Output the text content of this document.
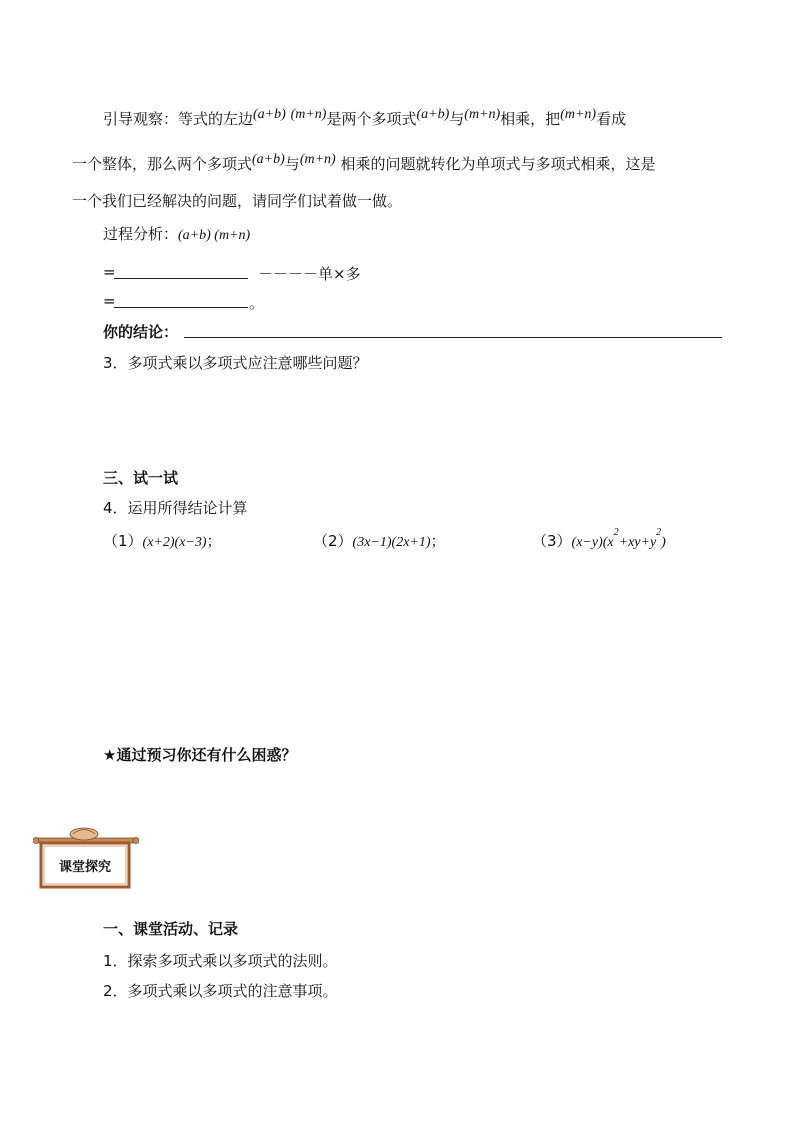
引导观察：等式的左边(a+b) (m+n)是两个多项式(a+b)与(m+n)相乘，把(m+n)看成
一个整体，那么两个多项式(a+b)与(m+n) 相乘的问题就转化为单项式与多项式相乘，这是
一个我们已经解决的问题，请同学们试着做一做。
过程分析：(a+b) (m+n)
=	－－－－单×多
=	。
你的结论：
3．多项式乘以多项式应注意哪些问题？
三、试一试
4．运用所得结论计算
（1）(x+2)(x−3)；	（2）(3x−1)(2x+1)；	$(3)(x-y)(x^2+xy+y^2)$
★通过预习你还有什么困惑？
课堂探究
一、课堂活动、记录
1．探索多项式乘以多项式的法则。
2．多项式乘以多项式的注意事项。
